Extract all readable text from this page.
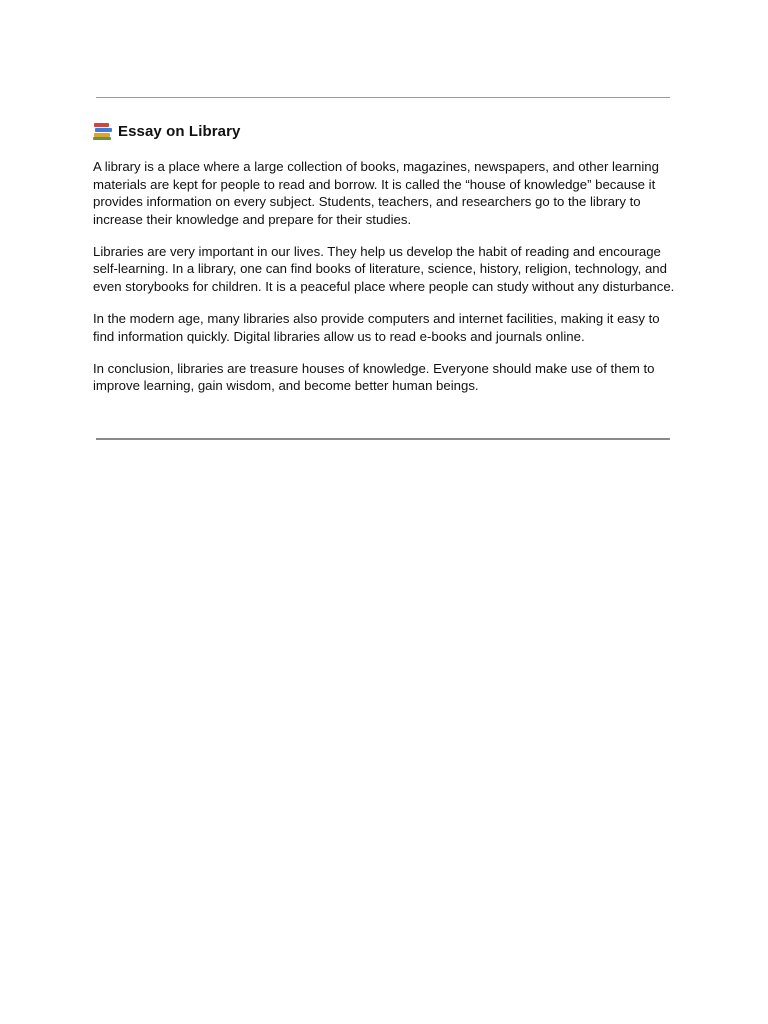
Essay on Library

A library is a place where a large collection of books, magazines, newspapers, and other learning materials are kept for people to read and borrow. It is called the “house of knowledge” because it provides information on every subject. Students, teachers, and researchers go to the library to increase their knowledge and prepare for their studies.

Libraries are very important in our lives. They help us develop the habit of reading and encourage self-learning. In a library, one can find books of literature, science, history, religion, technology, and even storybooks for children. It is a peaceful place where people can study without any disturbance.

In the modern age, many libraries also provide computers and internet facilities, making it easy to find information quickly. Digital libraries allow us to read e-books and journals online.

In conclusion, libraries are treasure houses of knowledge. Everyone should make use of them to improve learning, gain wisdom, and become better human beings.
